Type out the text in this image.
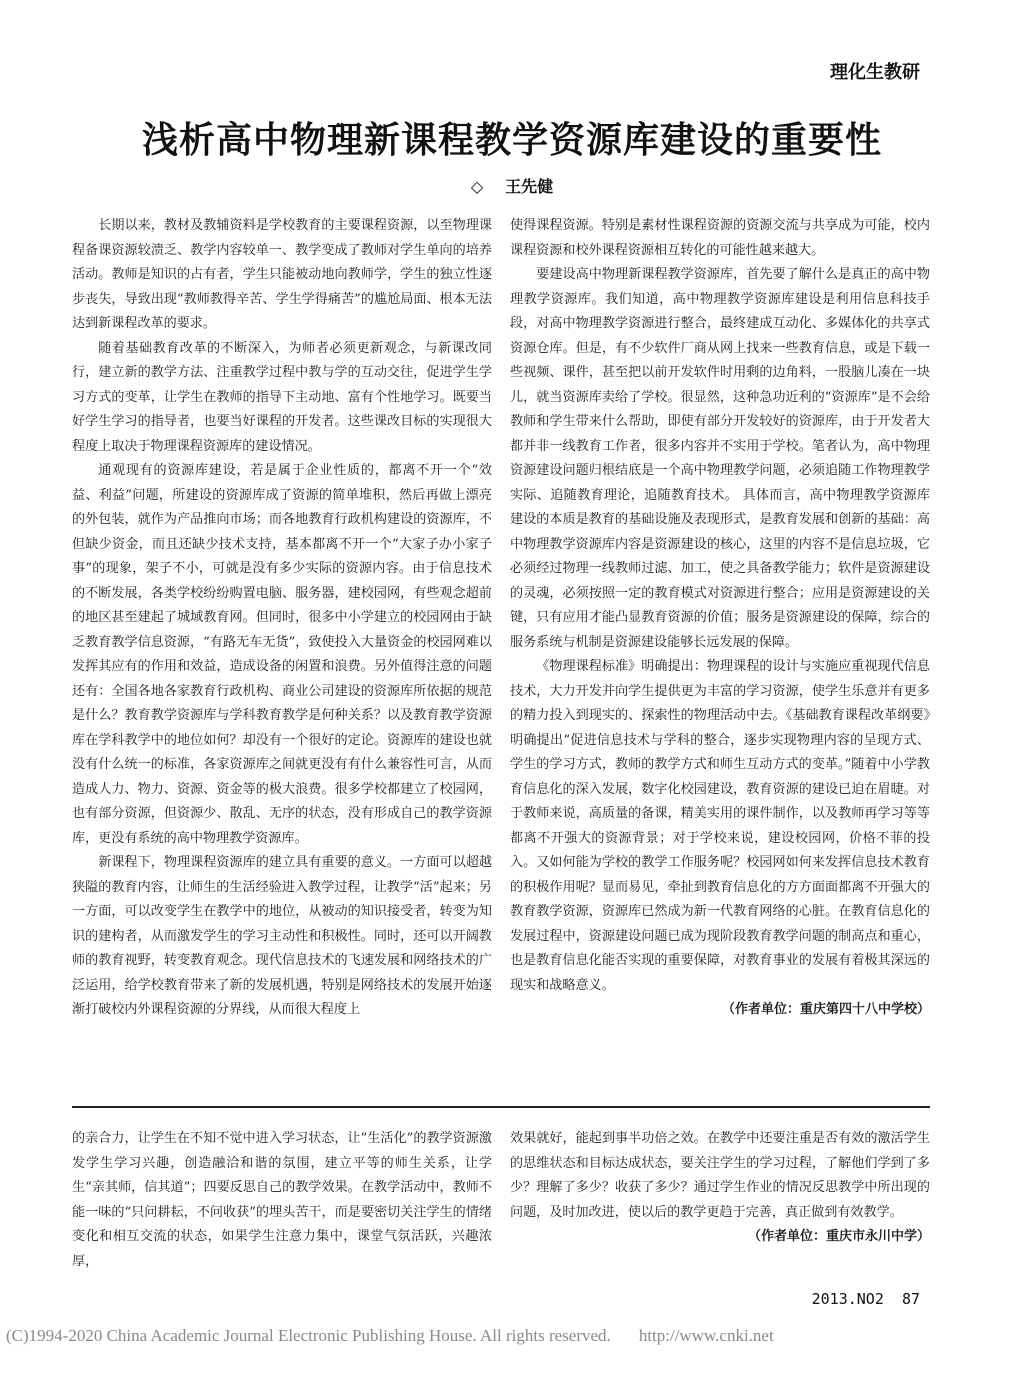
理化生教研
浅析高中物理新课程教学资源库建设的重要性
◇ 王先健

长期以来，教材及教辅资料是学校教育的主要课程资源，以至物理课程备课资源较溃乏、教学内容较单一、教学变成了教师对学生单向的培养活动。教师是知识的占有者，学生只能被动地向教师学，学生的独立性逐步丧失，导致出现“教师教得辛苦、学生学得痛苦”的尴尬局面、根本无法达到新课程改革的要求。

随着基础教育改革的不断深入，为师者必须更新观念，与新课改同行，建立新的教学方法、注重教学过程中教与学的互动交往，促进学生学习方式的变革，让学生在教师的指导下主动地、富有个性地学习。既要当好学生学习的指导者，也要当好课程的开发者。这些课改目标的实现很大程度上取决于物理课程资源库的建设情况。

通观现有的资源库建设，若是属于企业性质的，都离不开一个“效益、利益”问题，所建设的资源库成了资源的简单堆积，然后再做上漂亮的外包装，就作为产品推向市场；而各地教育行政机构建设的资源库，不但缺少资金，而且还缺少技术支持，基本都离不开一个“大家子办小家子事”的现象，架子不小，可就是没有多少实际的资源内容。由于信息技术的不断发展，各类学校纷纷购置电脑、服务器，建校园网，有些观念超前的地区甚至建起了城域教育网。但同时，很多中小学建立的校园网由于缺乏教育教学信息资源，“有路无车无货”，致使投入大量资金的校园网难以发挥其应有的作用和效益，造成设备的闲置和浪费。另外值得注意的问题还有：全国各地各家教育行政机构、商业公司建设的资源库所依据的规范是什么？教育教学资源库与学科教育教学是何种关系？以及教育教学资源库在学科教学中的地位如何？却没有一个很好的定论。资源库的建设也就没有什么统一的标准，各家资源库之间就更没有有什么兼容性可言，从而造成人力、物力、资源、资金等的极大浪费。很多学校都建立了校园网，也有部分资源，但资源少、散乱、无序的状态，没有形成自己的教学资源库，更没有系统的高中物理教学资源库。

新课程下，物理课程资源库的建立具有重要的意义。一方面可以超越狭隘的教育内容，让师生的生活经验进入教学过程，让教学“活”起来；另一方面，可以改变学生在教学中的地位，从被动的知识接受者，转变为知识的建构者，从而激发学生的学习主动性和积极性。同时，还可以开阔教师的教育视野，转变教育观念。现代信息技术的飞速发展和网络技术的广泛运用，给学校教育带来了新的发展机遇，特别是网络技术的发展开始逐渐打破校内外课程资源的分界线，从而很大程度上

使得课程资源。特别是素材性课程资源的资源交流与共享成为可能，校内课程资源和校外课程资源相互转化的可能性越来越大。

要建设高中物理新课程教学资源库，首先要了解什么是真正的高中物理教学资源库。我们知道，高中物理教学资源库建设是利用信息科技手段，对高中物理教学资源进行整合，最终建成互动化、多媒体化的共享式资源仓库。但是，有不少软件厂商从网上找来一些教育信息，或是下载一些视频、课件，甚至把以前开发软件时用剩的边角料，一股脑儿凑在一块儿，就当资源库卖给了学校。很显然，这种急功近利的“资源库”是不会给教师和学生带来什么帮助，即使有部分开发较好的资源库，由于开发者大都并非一线教育工作者，很多内容并不实用于学校。笔者认为，高中物理资源建设问题归根结底是一个高中物理教学问题，必须追随工作物理教学实际、追随教育理论，追随教育技术。 具体而言，高中物理教学资源库建设的本质是教育的基础设施及表现形式，是教育发展和创新的基础：高中物理教学资源库内容是资源建设的核心，这里的内容不是信息垃圾，它必须经过物理一线教师过滤、加工，使之具备教学能力；软件是资源建设的灵魂，必须按照一定的教育模式对资源进行整合；应用是资源建设的关键，只有应用才能凸显教育资源的价值；服务是资源建设的保障，综合的服务系统与机制是资源建设能够长远发展的保障。

《物理课程标准》明确提出：物理课程的设计与实施应重视现代信息技术，大力开发并向学生提供更为丰富的学习资源，使学生乐意并有更多的精力投入到现实的、探索性的物理活动中去。《基础教育课程改革纲要》明确提出“促进信息技术与学科的整合，逐步实现物理内容的呈现方式、学生的学习方式，教师的教学方式和师生互动方式的变革。”随着中小学教育信息化的深入发展，数字化校园建设，教育资源的建设已迫在眉睫。对于教师来说，高质量的备课，精美实用的课件制作，以及教师再学习等等都离不开强大的资源背景；对于学校来说，建设校园网，价格不菲的投入。又如何能为学校的教学工作服务呢？校园网如何来发挥信息技术教育的积极作用呢？显而易见，牵扯到教育信息化的方方面面都离不开强大的教育教学资源，资源库已然成为新一代教育网络的心脏。在教育信息化的发展过程中，资源建设问题已成为现阶段教育教学问题的制高点和重心，也是教育信息化能否实现的重要保障，对教育事业的发展有着极其深远的现实和战略意义。

（作者单位：重庆第四十八中学校）

的亲合力，让学生在不知不觉中进入学习状态，让“生活化”的教学资源激发学生学习兴趣，创造融洽和谐的氛围，建立平等的师生关系，让学生“亲其师，信其道”；四要反思自己的教学效果。在教学活动中，教师不能一味的“只问耕耘，不问收获”的埋头苦干，而是要密切关注学生的情绪变化和相互交流的状态，如果学生注意力集中，课堂气氛活跃，兴趣浓厚，

效果就好，能起到事半功倍之效。在教学中还要注重是否有效的激活学生的思维状态和目标达成状态，要关注学生的学习过程，了解他们学到了多少？理解了多少？收获了多少？通过学生作业的情况反思教学中所出现的问题，及时加改进，使以后的教学更趋于完善，真正做到有效教学。

（作者单位：重庆市永川中学）
2013.NO2 87
(C)1994-2020 China Academic Journal Electronic Publishing House. All rights reserved. http://www.cnki.net
